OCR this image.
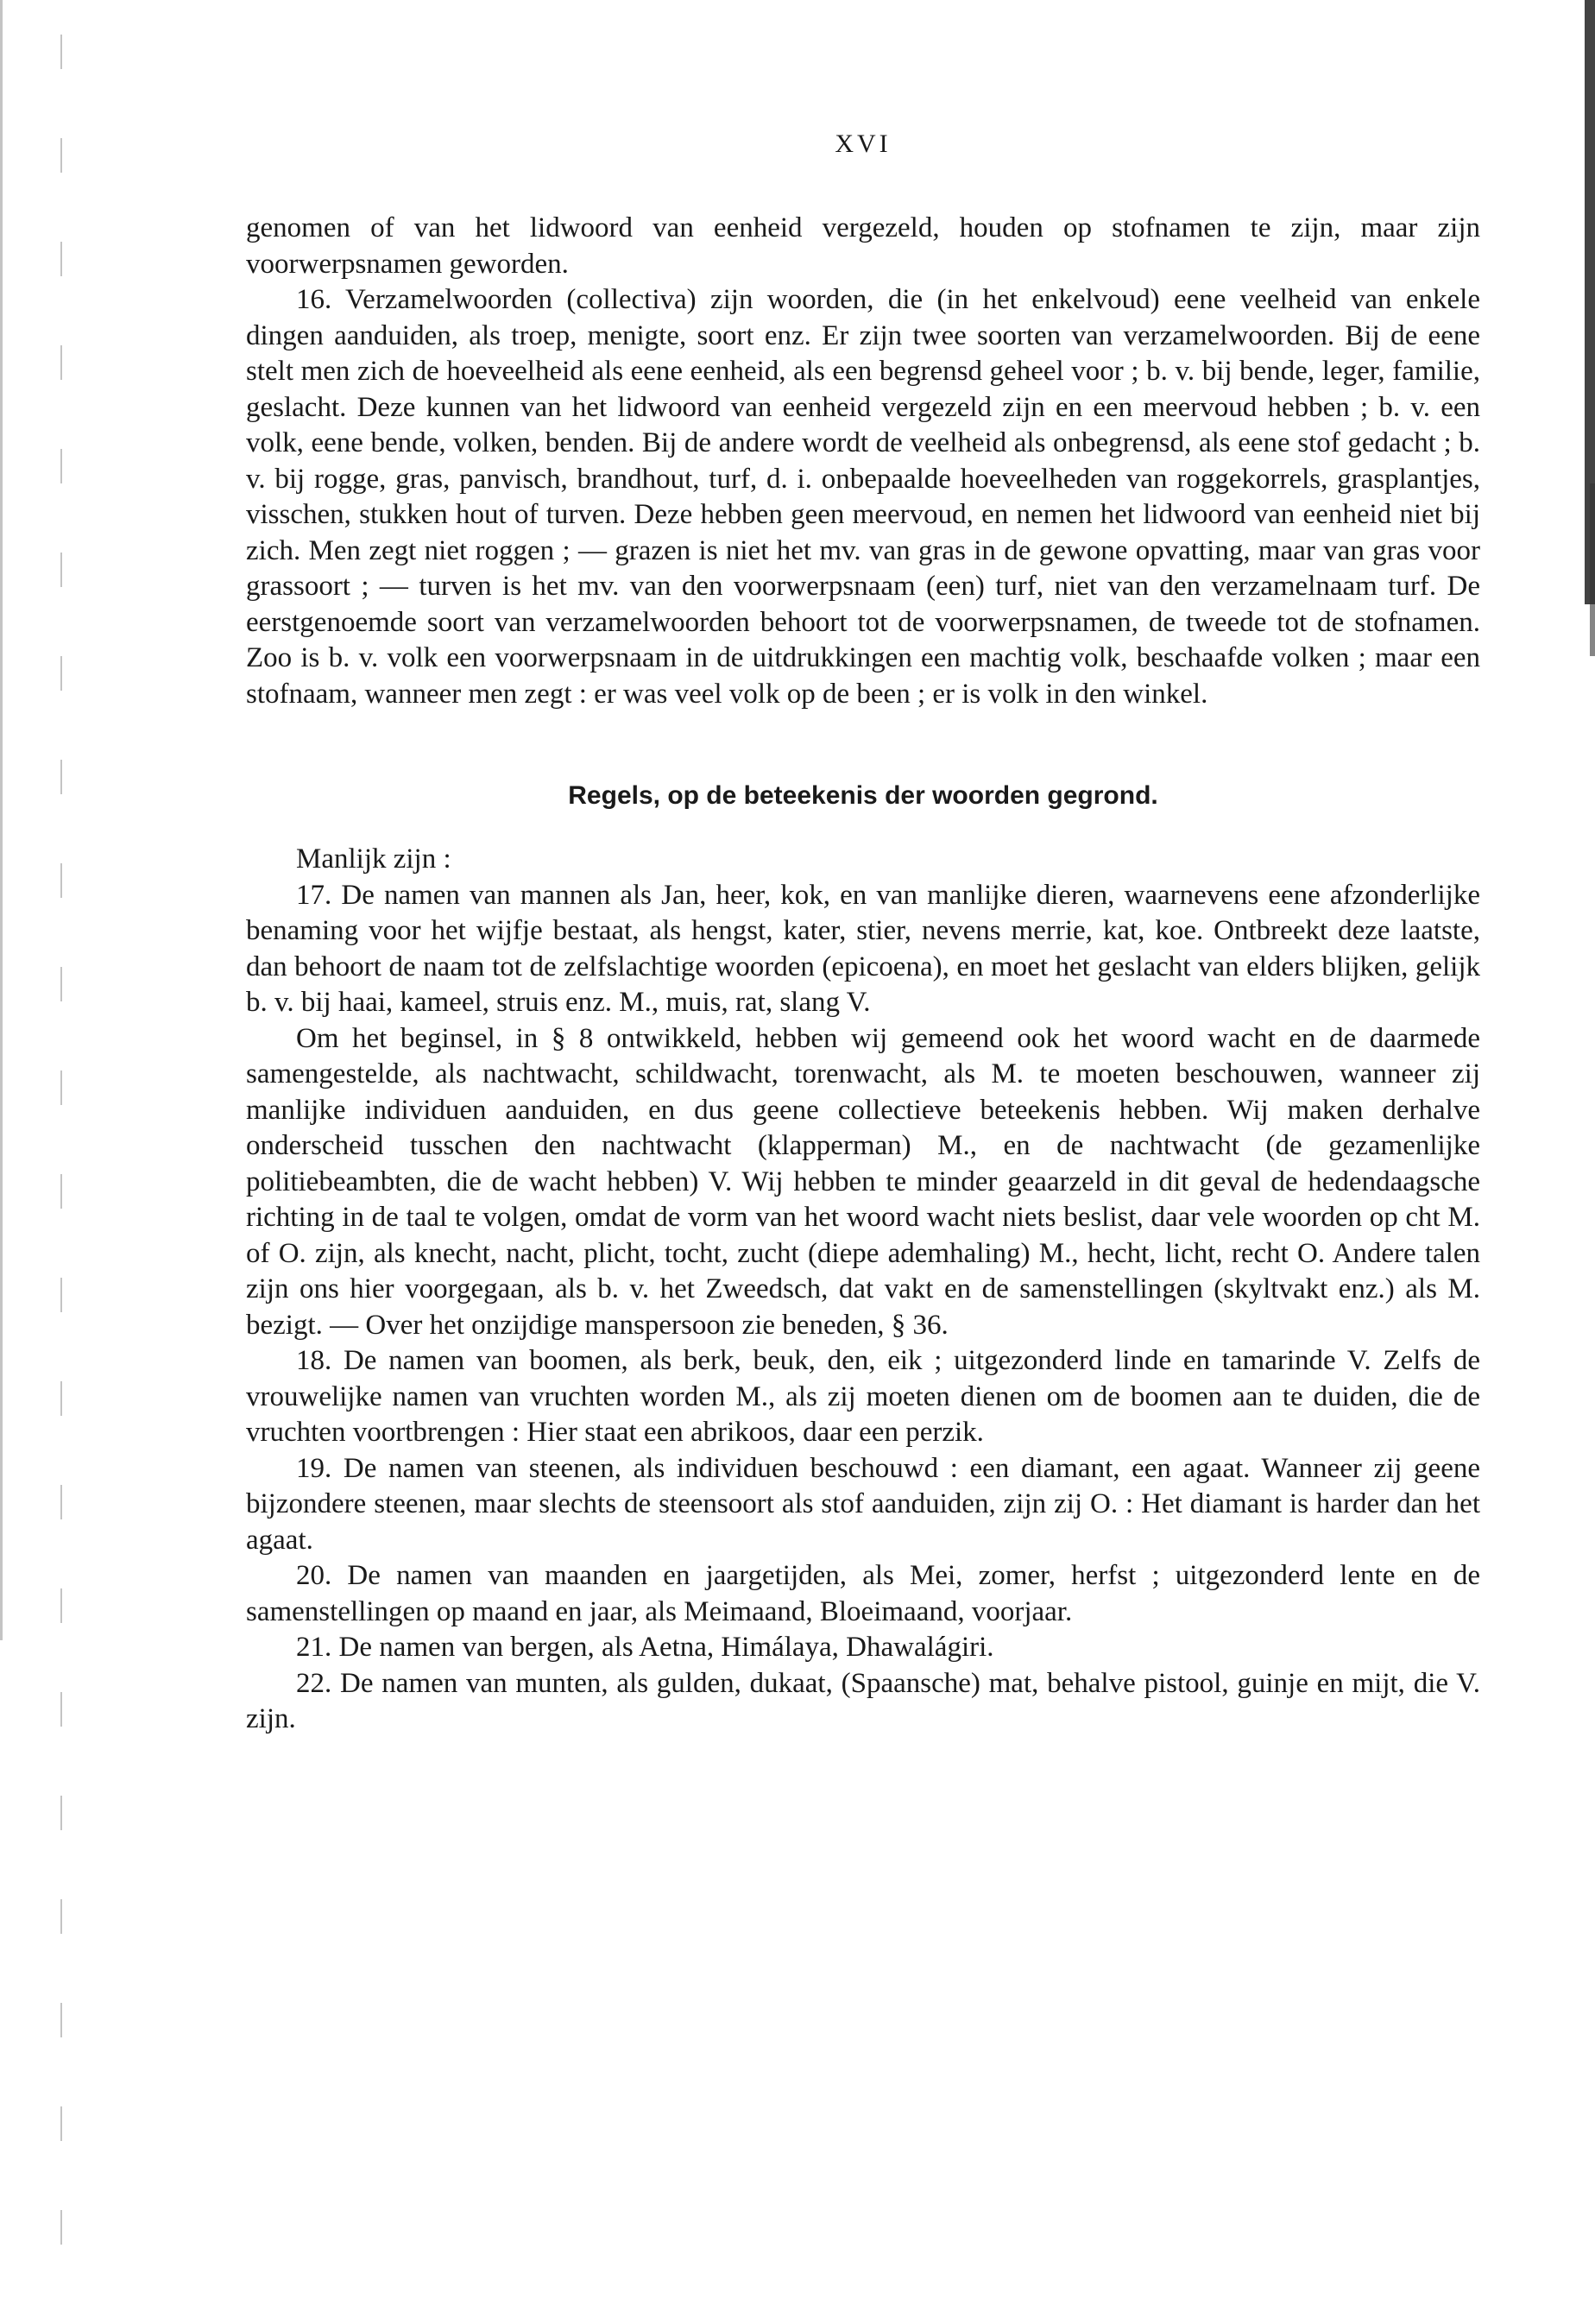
XVI

genomen of van het lidwoord van eenheid vergezeld, houden op stofnamen te zijn, maar zijn voorwerpsnamen geworden.

16. Verzamelwoorden (collectiva) zijn woorden, die (in het enkelvoud) eene veelheid van enkele dingen aanduiden, als troep, menigte, soort enz. Er zijn twee soorten van verzamelwoorden. Bij de eene stelt men zich de hoeveelheid als eene eenheid, als een begrensd geheel voor ; b. v. bij bende, leger, familie, geslacht. Deze kunnen van het lidwoord van eenheid vergezeld zijn en een meervoud hebben ; b. v. een volk, eene bende, volken, benden. Bij de andere wordt de veelheid als onbegrensd, als eene stof gedacht ; b. v. bij rogge, gras, panvisch, brandhout, turf, d. i. onbepaalde hoeveelheden van roggekorrels, grasplantjes, visschen, stukken hout of turven. Deze hebben geen meervoud, en nemen het lidwoord van eenheid niet bij zich. Men zegt niet roggen ; — grazen is niet het mv. van gras in de gewone opvatting, maar van gras voor grassoort ; — turven is het mv. van den voorwerpsnaam (een) turf, niet van den verzamelnaam turf. De eerstgenoemde soort van verzamelwoorden behoort tot de voorwerpsnamen, de tweede tot de stofnamen. Zoo is b. v. volk een voorwerpsnaam in de uitdrukkingen een machtig volk, beschaafde volken ; maar een stofnaam, wanneer men zegt : er was veel volk op de been ; er is volk in den winkel.

Regels, op de beteekenis der woorden gegrond.

Manlijk zijn :

17. De namen van mannen als Jan, heer, kok, en van manlijke dieren, waarnevens eene afzonderlijke benaming voor het wijfje bestaat, als hengst, kater, stier, nevens merrie, kat, koe. Ontbreekt deze laatste, dan behoort de naam tot de zelfslachtige woorden (epicoena), en moet het geslacht van elders blijken, gelijk b. v. bij haai, kameel, struis enz. M., muis, rat, slang V.

Om het beginsel, in § 8 ontwikkeld, hebben wij gemeend ook het woord wacht en de daarmede samengestelde, als nachtwacht, schildwacht, torenwacht, als M. te moeten beschouwen, wanneer zij manlijke individuen aanduiden, en dus geene collectieve beteekenis hebben. Wij maken derhalve onderscheid tusschen den nachtwacht (klapperman) M., en de nachtwacht (de gezamenlijke politiebeambten, die de wacht hebben) V. Wij hebben te minder geaarzeld in dit geval de hedendaagsche richting in de taal te volgen, omdat de vorm van het woord wacht niets beslist, daar vele woorden op cht M. of O. zijn, als knecht, nacht, plicht, tocht, zucht (diepe ademhaling) M., hecht, licht, recht O. Andere talen zijn ons hier voorgegaan, als b. v. het Zweedsch, dat vakt en de samenstellingen (skyltvakt enz.) als M. bezigt. — Over het onzijdige manspersoon zie beneden, § 36.

18. De namen van boomen, als berk, beuk, den, eik ; uitgezonderd linde en tamarinde V. Zelfs de vrouwelijke namen van vruchten worden M., als zij moeten dienen om de boomen aan te duiden, die de vruchten voortbrengen : Hier staat een abrikoos, daar een perzik.

19. De namen van steenen, als individuen beschouwd : een diamant, een agaat. Wanneer zij geene bijzondere steenen, maar slechts de steensoort als stof aanduiden, zijn zij O. : Het diamant is harder dan het agaat.

20. De namen van maanden en jaargetijden, als Mei, zomer, herfst ; uitgezonderd lente en de samenstellingen op maand en jaar, als Meimaand, Bloeimaand, voorjaar.

21. De namen van bergen, als Aetna, Himálaya, Dhawalágiri.

22. De namen van munten, als gulden, dukaat, (Spaansche) mat, behalve pistool, guinje en mijt, die V. zijn.
